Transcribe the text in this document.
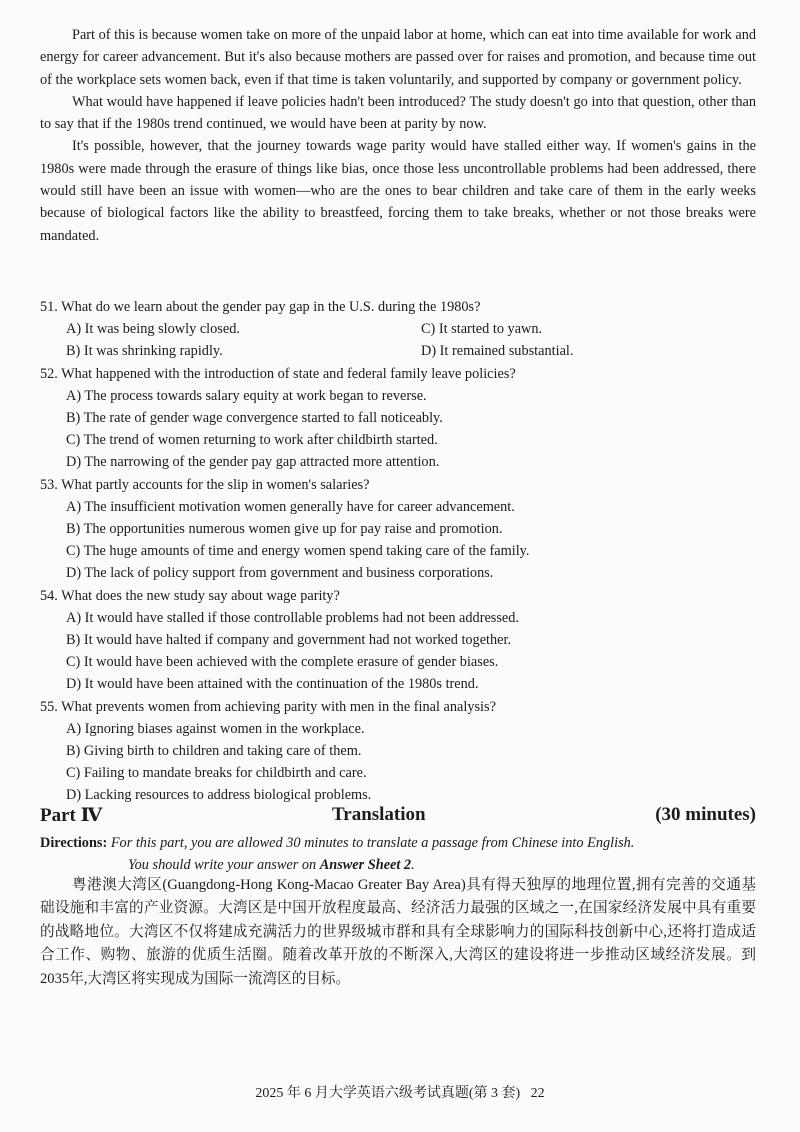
Part of this is because women take on more of the unpaid labor at home, which can eat into time available for work and energy for career advancement. But it's also because mothers are passed over for raises and promotion, and because time out of the workplace sets women back, even if that time is taken voluntarily, and supported by company or government policy.

What would have happened if leave policies hadn't been introduced? The study doesn't go into that question, other than to say that if the 1980s trend continued, we would have been at parity by now.

It's possible, however, that the journey towards wage parity would have stalled either way. If women's gains in the 1980s were made through the erasure of things like bias, once those less uncontrollable problems had been addressed, there would still have been an issue with women—who are the ones to bear children and take care of them in the early weeks because of biological factors like the ability to breastfeed, forcing them to take breaks, whether or not those breaks were mandated.

51. What do we learn about the gender pay gap in the U.S. during the 1980s?
A) It was being slowly closed.	C) It started to yawn.
B) It was shrinking rapidly.	D) It remained substantial.
52. What happened with the introduction of state and federal family leave policies?
A) The process towards salary equity at work began to reverse.
B) The rate of gender wage convergence started to fall noticeably.
C) The trend of women returning to work after childbirth started.
D) The narrowing of the gender pay gap attracted more attention.
53. What partly accounts for the slip in women's salaries?
A) The insufficient motivation women generally have for career advancement.
B) The opportunities numerous women give up for pay raise and promotion.
C) The huge amounts of time and energy women spend taking care of the family.
D) The lack of policy support from government and business corporations.
54. What does the new study say about wage parity?
A) It would have stalled if those controllable problems had not been addressed.
B) It would have halted if company and government had not worked together.
C) It would have been achieved with the complete erasure of gender biases.
D) It would have been attained with the continuation of the 1980s trend.
55. What prevents women from achieving parity with men in the final analysis?
A) Ignoring biases against women in the workplace.
B) Giving birth to children and taking care of them.
C) Failing to mandate breaks for childbirth and care.
D) Lacking resources to address biological problems.
Part Ⅳ	Translation	(30 minutes)
Directions: For this part, you are allowed 30 minutes to translate a passage from Chinese into English.
You should write your answer on Answer Sheet 2.

粤港澳大湾区(Guangdong-Hong Kong-Macao Greater Bay Area)具有得天独厚的地理位置,拥有完善的交通基础设施和丰富的产业资源。大湾区是中国开放程度最高、经济活力最强的区域之一,在国家经济发展中具有重要的战略地位。大湾区不仅将建成充满活力的世界级城市群和具有全球影响力的国际科技创新中心,还将打造成适合工作、购物、旅游的优质生活圈。随着改革开放的不断深入,大湾区的建设将进一步推动区域经济发展。到2035年,大湾区将实现成为国际一流湾区的目标。

2025 年 6 月大学英语六级考试真题(第 3 套) 22
